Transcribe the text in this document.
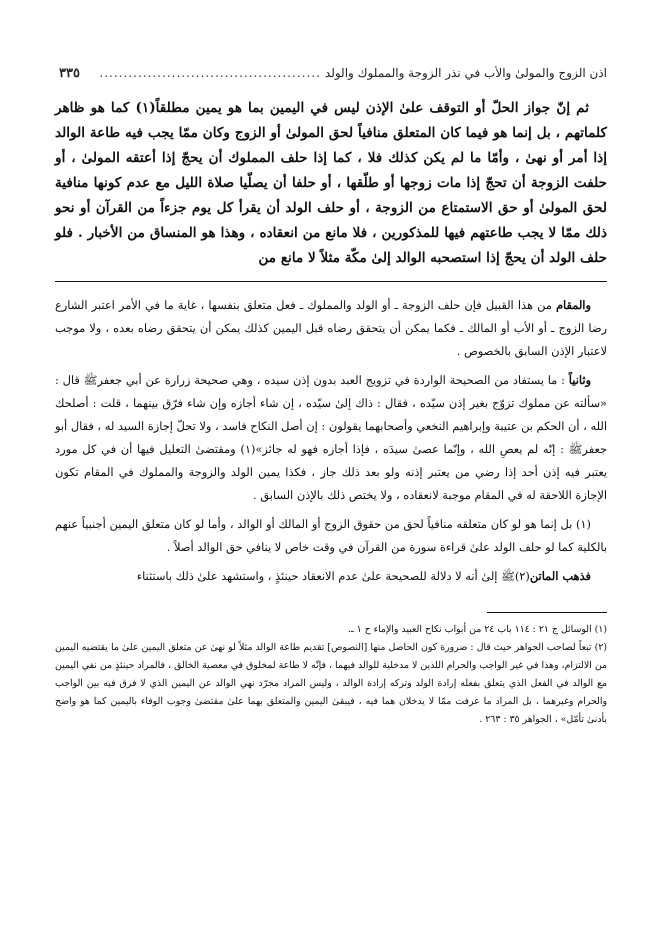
اذن الزوج والمولىٰ والأب في نذر الزوجة والمملوك والولد
..............................................
٣٣٥

ثم إنّ جواز الحلّ أو التوقف علىٰ الإذن ليس في اليمين بما هو يمين مطلقاً(١) كما هو ظاهر كلماتهم ، بل إنما هو فيما كان المتعلق منافياً لحق المولىٰ أو الزوج وكان ممّا يجب فيه طاعة الوالد إذا أمر أو نهىٰ ، وأمّا ما لم يكن كذلك فلا ، كما إذا حلف المملوك أن يحجّ إذا أعتقه المولىٰ ، أو حلفت الزوجة أن تحجّ إذا مات زوجها أو طلّقها ، أو حلفا أن يصلّيا صلاة الليل مع عدم كونها منافية لحق المولىٰ أو حق الاستمتاع من الزوجة ، أو حلف الولد أن يقرأ كل يوم جزءاً من القرآن أو نحو ذلك ممّا لا يجب طاعتهم فيها للمذكورين ، فلا مانع من انعقاده ، وهذا هو المنساق من الأخبار . فلو حلف الولد أن يحجّ إذا استصحبه الوالد إلىٰ مكّة مثلاً لا مانع من

والمقام من هذا القبيل فإن حلف الزوجة ـ أو الولد والمملوك ـ فعل متعلق بنفسها ، غاية ما في الأمر اعتبر الشارع رضا الزوج ـ أو الأب أو المالك ـ فكما يمكن أن يتحقق رضاه قبل اليمين كذلك يمكن أن يتحقق رضاه بعده ، ولا موجب لاعتبار الإذن السابق بالخصوص .

وثانياً : ما يستفاد من الصحيحة الواردة في تزويج العبد بدون إذن سيده ، وهي صحيحة زرارة عن أبي جعفرﷺ قال : «سألته عن مملوك تزوّج بغير إذن سيّده ، فقال : ذاك إلىٰ سيّده ، إن شاء أجازه وإن شاء فرّق بينهما ، قلت : أصلحك الله ، أن الحكم بن عتيبة وإبراهيم النخعي وأصحابهما يقولون : إن أصل النكاح فاسد ، ولا تحلّ إجازة السيد له ، فقال أبو جعفرﷺ : إنّه لم يعصِ الله ، وإنّما عصىٰ سيدَه ، فإذا أجازه فهو له جائز»(١) ومقتضىٰ التعليل فيها أن في كل مورد يعتبر فيه إذن أحد إذا رضي من يعتبر إذنه ولو بعد ذلك جاز ، فكذا يمين الولد والزوجة والمملوك في المقام تكون الإجازة اللاحقة له في المقام موجبة لانعقاده ، ولا يختص ذلك بالإذن السابق .

(١) بل إنما هو لو كان متعلقه منافياً لحق من حقوق الزوج أو المالك أو الوالد ، وأما لو كان متعلق اليمين أجنبياً عنهم بالكلية كما لو حلف الولد علىٰ قراءة سورة من القرآن في وقت خاص لا ينافي حق الوالد أصلاً .

فذهب الماتن(٢)ﷺ إلىٰ أنه لا دلالة للصحيحة علىٰ عدم الانعقاد حينئذٍ ، واستشهد علىٰ ذلك باستثناء

(١) الوسائل ج ٢١ : ١١٤ باب ٢٤ من أبواب نكاح العبيد والإماء ح ١ ـ.

(٢) تبعاً لصاحب الجواهر حيث قال : ضرورة كون الحاصل منها [النصوص] تقديم طاعة الوالد مثلاً لو نهىٰ عن متعلق اليمين علىٰ ما يقتضيه اليمين من الالتزام، وهذا في غير الواجب والحرام اللذين لا مدخلية للوالد فيهما ، فإنّه لا طاعة لمخلوق في معصية الخالق ، فالمراد حينئذٍ من نفي اليمين مع الوالد في الفعل الذي يتعلق بفعله إرادة الولد وتركه إرادة الوالد ، وليس المراد مجرّد نهي الوالد عن اليمين الذي لا فرق فيه بين الواجب والحرام وغيرهما ، بل المراد ما عرفت ممّا لا يدخلان هما فيه ، فيبقىٰ اليمين والمتعلق بهما علىٰ مقتضىٰ وجوب الوفاء باليمين كما هو واضح بأدنىٰ تأمّل» ، الجواهر ٣٥ : ٢٦٣ .
